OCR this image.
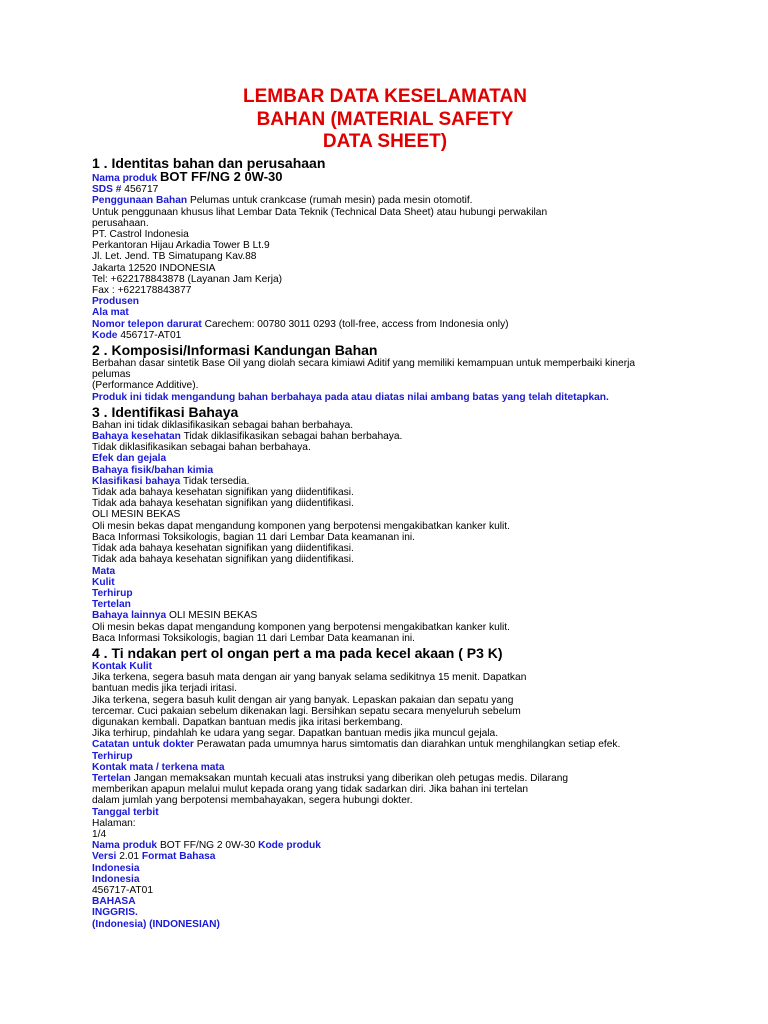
LEMBAR DATA KESELAMATAN
BAHAN (MATERIAL SAFETY
DATA SHEET)
1 . Identitas bahan dan perusahaan
Nama produk BOT FF/NG 2 0W-30
SDS # 456717
Penggunaan Bahan Pelumas untuk crankcase (rumah mesin) pada mesin otomotif.
Untuk penggunaan khusus lihat Lembar Data Teknik (Technical Data Sheet) atau hubungi perwakilan
perusahaan.
PT. Castrol Indonesia
Perkantoran Hijau Arkadia Tower B Lt.9
Jl. Let. Jend. TB Simatupang Kav.88
Jakarta 12520 INDONESIA
Tel: +622178843878 (Layanan Jam Kerja)
Fax : +622178843877
Produsen
Ala mat
Nomor telepon darurat Carechem: 00780 3011 0293 (toll-free, access from Indonesia only)
Kode 456717-AT01
2 . Komposisi/Informasi Kandungan Bahan
Berbahan dasar sintetik Base Oil yang diolah secara kimiawi Aditif yang memiliki kemampuan untuk memperbaiki kinerja
pelumas
(Performance Additive).
Produk ini tidak mengandung bahan berbahaya pada atau diatas nilai ambang batas yang telah ditetapkan.
3 . Identifikasi Bahaya
Bahan ini tidak diklasifikasikan sebagai bahan berbahaya.
Bahaya kesehatan Tidak diklasifikasikan sebagai bahan berbahaya.
Tidak diklasifikasikan sebagai bahan berbahaya.
Efek dan gejala
Bahaya fisik/bahan kimia
Klasifikasi bahaya Tidak tersedia.
Tidak ada bahaya kesehatan signifikan yang diidentifikasi.
Tidak ada bahaya kesehatan signifikan yang diidentifikasi.
OLI MESIN BEKAS
Oli mesin bekas dapat mengandung komponen yang berpotensi mengakibatkan kanker kulit.
Baca Informasi Toksikologis, bagian 11 dari Lembar Data keamanan ini.
Tidak ada bahaya kesehatan signifikan yang diidentifikasi.
Tidak ada bahaya kesehatan signifikan yang diidentifikasi.
Mata
Kulit
Terhirup
Tertelan
Bahaya lainnya OLI MESIN BEKAS
Oli mesin bekas dapat mengandung komponen yang berpotensi mengakibatkan kanker kulit.
Baca Informasi Toksikologis, bagian 11 dari Lembar Data keamanan ini.
4 . Ti ndakan pert ol ongan pert a ma pada kecel akaan ( P3 K)
Kontak Kulit
Jika terkena, segera basuh mata dengan air yang banyak selama sedikitnya 15 menit. Dapatkan
bantuan medis jika terjadi iritasi.
Jika terkena, segera basuh kulit dengan air yang banyak. Lepaskan pakaian dan sepatu yang
tercemar. Cuci pakaian sebelum dikenakan lagi. Bersihkan sepatu secara menyeluruh sebelum
digunakan kembali. Dapatkan bantuan medis jika iritasi berkembang.
Jika terhirup, pindahlah ke udara yang segar. Dapatkan bantuan medis jika muncul gejala.
Catatan untuk dokter Perawatan pada umumnya harus simtomatis dan diarahkan untuk menghilangkan setiap efek.
Terhirup
Kontak mata / terkena mata
Tertelan Jangan memaksakan muntah kecuali atas instruksi yang diberikan oleh petugas medis. Dilarang
memberikan apapun melalui mulut kepada orang yang tidak sadarkan diri. Jika bahan ini tertelan
dalam jumlah yang berpotensi membahayakan, segera hubungi dokter.
Tanggal terbit
Halaman:
1/4
Nama produk BOT FF/NG 2 0W-30 Kode produk
Versi 2.01 Format Bahasa
Indonesia
Indonesia
456717-AT01
BAHASA
INGGRIS.
(Indonesia) (INDONESIAN)
